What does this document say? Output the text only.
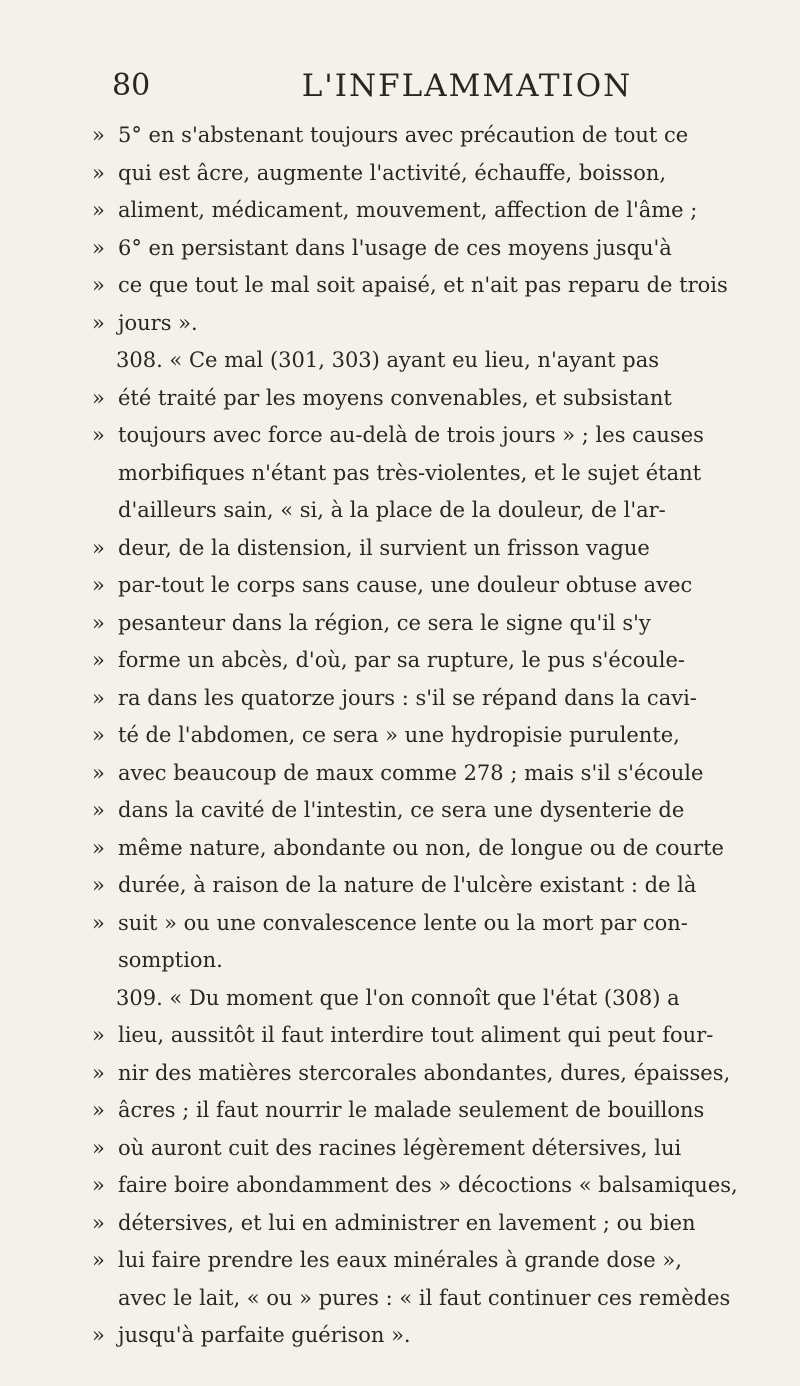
80	L'INFLAMMATION
» 5° en s'abstenant toujours avec précaution de tout ce
» qui est âcre, augmente l'activité, échauffe, boisson,
» aliment, médicament, mouvement, affection de l'âme ;
» 6° en persistant dans l'usage de ces moyens jusqu'à
» ce que tout le mal soit apaisé, et n'ait pas reparu de trois
» jours ».
308. « Ce mal (301, 303) ayant eu lieu, n'ayant pas
» été traité par les moyens convenables, et subsistant
» toujours avec force au-delà de trois jours » ; les causes
morbifiques n'étant pas très-violentes, et le sujet étant
d'ailleurs sain, « si, à la place de la douleur, de l'ar-
» deur, de la distension, il survient un frisson vague
» par-tout le corps sans cause, une douleur obtuse avec
» pesanteur dans la région, ce sera le signe qu'il s'y
» forme un abcès, d'où, par sa rupture, le pus s'écoule-
» ra dans les quatorze jours : s'il se répand dans la cavi-
» té de l'abdomen, ce sera » une hydropisie purulente,
» avec beaucoup de maux comme 278 ; mais s'il s'écoule
» dans la cavité de l'intestin, ce sera une dysenterie de
» même nature, abondante ou non, de longue ou de courte
» durée, à raison de la nature de l'ulcère existant : de là
» suit » ou une convalescence lente ou la mort par con-
somption.
309. « Du moment que l'on connoît que l'état (308) a
» lieu, aussitôt il faut interdire tout aliment qui peut four-
» nir des matières stercorales abondantes, dures, épaisses,
» âcres ; il faut nourrir le malade seulement de bouillons
» où auront cuit des racines légèrement détersives, lui
» faire boire abondamment des » décoctions « balsamiques,
» détersives, et lui en administrer en lavement ; ou bien
» lui faire prendre les eaux minérales à grande dose »,
avec le lait, « ou » pures : « il faut continuer ces remèdes
» jusqu'à parfaite guérison ».
